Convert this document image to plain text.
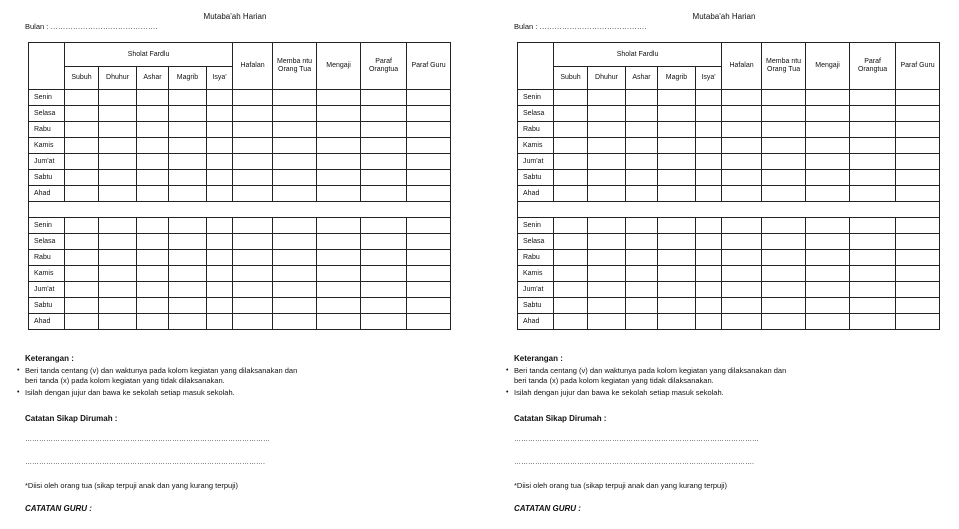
Mutaba'ah Harian
Bulan : …………………………………….
	Sholat Fardlu					Hafalan	Memba ntu Orang Tua	Mengaji	Paraf Orangtua	Paraf Guru
	Subuh	Dhuhur	Ashar	Magrib	Isya'					
Senin										
Selasa										
Rabu										
Kamis										
Jum'at										
Sabtu										
Ahad										

Senin										
Selasa										
Rabu										
Kamis										
Jum'at										
Sabtu										
Ahad										
Keterangan :
• Beri tanda centang (v) dan waktunya pada kolom kegiatan yang dilaksanakan dan
beri tanda (x) pada kolom kegiatan yang tidak dilaksanakan.
• Isilah dengan jujur dan bawa ke sekolah setiap masuk sekolah.
Catatan Sikap Dirumah :
……………………………………………………………………………………………
………………………………………………………………………………………….
*Diisi oleh orang tua (sikap terpuji anak dan yang kurang terpuji)
CATATAN GURU :
Mutaba'ah Harian
Bulan : …………………………………….
	Sholat Fardlu					Hafalan	Memba ntu Orang Tua	Mengaji	Paraf Orangtua	Paraf Guru
	Subuh	Dhuhur	Ashar	Magrib	Isya'					
Senin										
Selasa										
Rabu										
Kamis										
Jum'at										
Sabtu										
Ahad										

Senin										
Selasa										
Rabu										
Kamis										
Jum'at										
Sabtu										
Ahad										
Keterangan :
• Beri tanda centang (v) dan waktunya pada kolom kegiatan yang dilaksanakan dan
beri tanda (x) pada kolom kegiatan yang tidak dilaksanakan.
• Isilah dengan jujur dan bawa ke sekolah setiap masuk sekolah.
Catatan Sikap Dirumah :
……………………………………………………………………………………………
………………………………………………………………………………………….
*Diisi oleh orang tua (sikap terpuji anak dan yang kurang terpuji)
CATATAN GURU :
